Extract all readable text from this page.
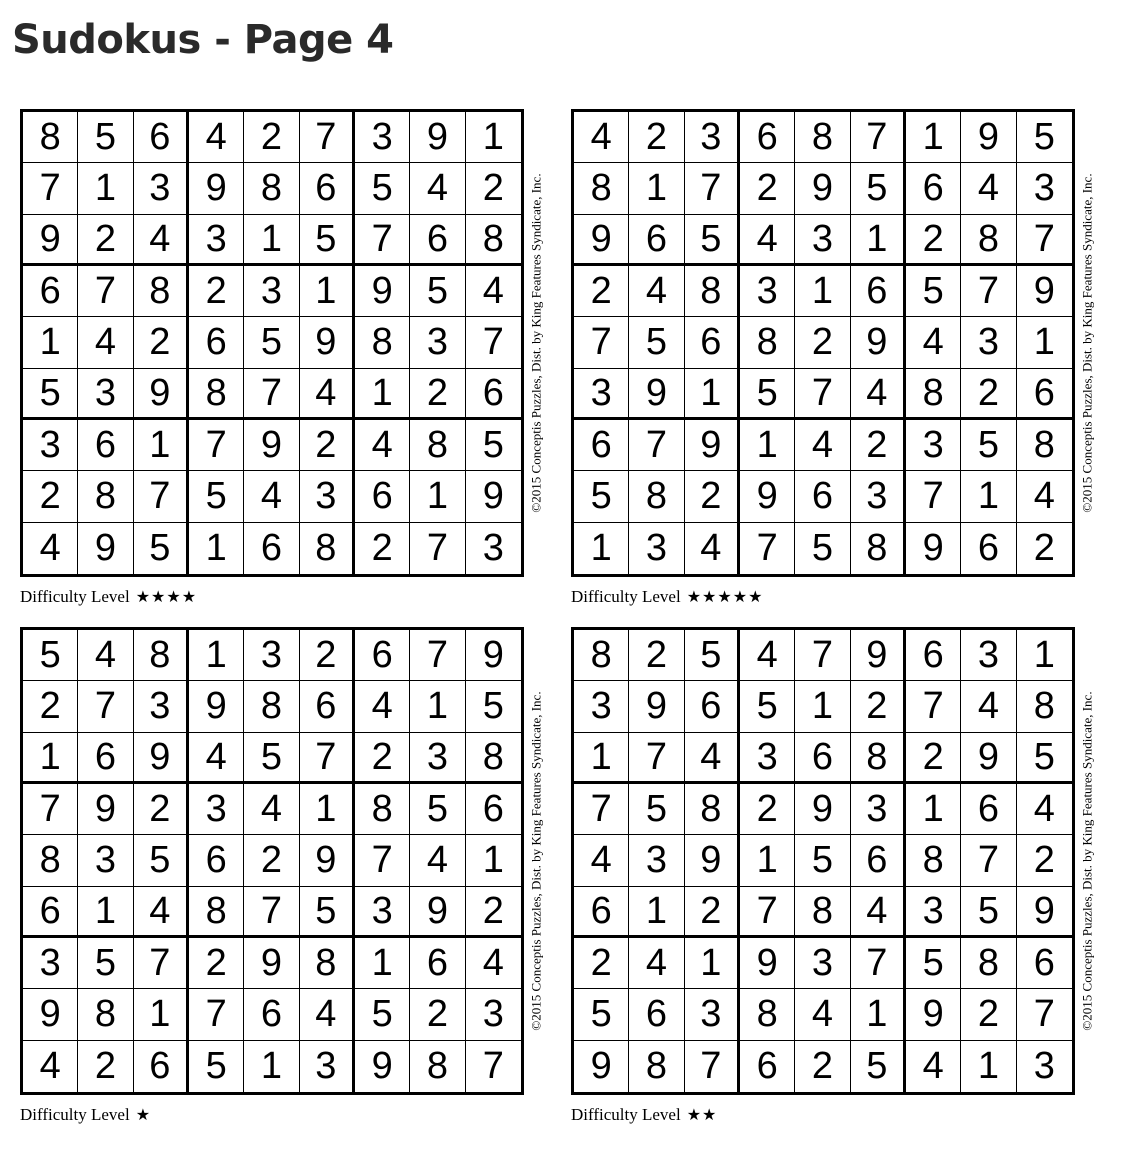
Sudokus - Page 4
8 5 6 4 2 7 3 9 1
7 1 3 9 8 6 5 4 2
9 2 4 3 1 5 7 6 8
6 7 8 2 3 1 9 5 4
1 4 2 6 5 9 8 3 7
5 3 9 8 7 4 1 2 6
3 6 1 7 9 2 4 8 5
2 8 7 5 4 3 6 1 9
4 9 5 1 6 8 2 7 3
©2015 Conceptis Puzzles, Dist. by King Features Syndicate, Inc.
Difficulty Level ★★★★
4 2 3 6 8 7 1 9 5
8 1 7 2 9 5 6 4 3
9 6 5 4 3 1 2 8 7
2 4 8 3 1 6 5 7 9
7 5 6 8 2 9 4 3 1
3 9 1 5 7 4 8 2 6
6 7 9 1 4 2 3 5 8
5 8 2 9 6 3 7 1 4
1 3 4 7 5 8 9 6 2
©2015 Conceptis Puzzles, Dist. by King Features Syndicate, Inc.
Difficulty Level ★★★★★
5 4 8 1 3 2 6 7 9
2 7 3 9 8 6 4 1 5
1 6 9 4 5 7 2 3 8
7 9 2 3 4 1 8 5 6
8 3 5 6 2 9 7 4 1
6 1 4 8 7 5 3 9 2
3 5 7 2 9 8 1 6 4
9 8 1 7 6 4 5 2 3
4 2 6 5 1 3 9 8 7
©2015 Conceptis Puzzles, Dist. by King Features Syndicate, Inc.
Difficulty Level ★
8 2 5 4 7 9 6 3 1
3 9 6 5 1 2 7 4 8
1 7 4 3 6 8 2 9 5
7 5 8 2 9 3 1 6 4
4 3 9 1 5 6 8 7 2
6 1 2 7 8 4 3 5 9
2 4 1 9 3 7 5 8 6
5 6 3 8 4 1 9 2 7
9 8 7 6 2 5 4 1 3
©2015 Conceptis Puzzles, Dist. by King Features Syndicate, Inc.
Difficulty Level ★★
